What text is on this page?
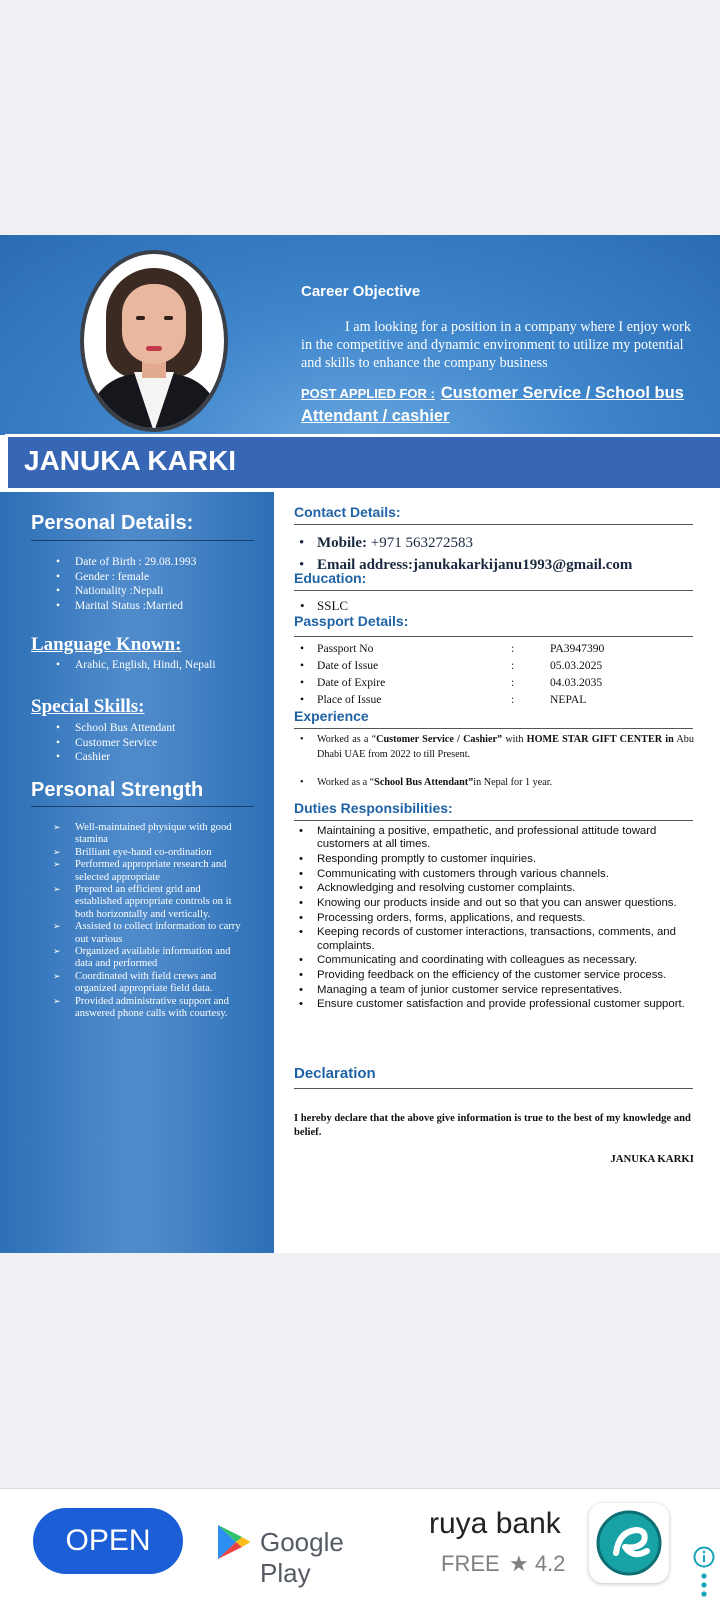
Career Objective
I am looking for a position in a company where I enjoy work in the competitive and dynamic environment to utilize my potential and skills to enhance the company business
POST APPLIED FOR : Customer Service / School bus Attendant / cashier
JANUKA KARKI
Personal Details:
• Date of Birth : 29.08.1993
• Gender : female
• Nationality :Nepali
• Marital Status :Married
Language Known:
• Arabic, English, Hindi, Nepali
Special Skills:
• School Bus Attendant
• Customer Service
• Cashier
Personal Strength
➢ Well-maintained physique with good stamina
➢ Brilliant eye-hand co-ordination
➢ Performed appropriate research and selected appropriate
➢ Prepared an efficient grid and established appropriate controls on it both horizontally and vertically.
➢ Assisted to collect information to carry out various
➢ Organized available information and data and performed
➢ Coordinated with field crews and organized appropriate field data.
➢ Provided administrative support and answered phone calls with courtesy.
Contact Details:
• Mobile: +971 563272583
• Email address:janukakarkijanu1993@gmail.com
Education:
• SSLC
Passport Details:
• Passport No	:	PA3947390
• Date of Issue	:	05.03.2025
• Date of Expire	:	04.03.2035
• Place of Issue	:	NEPAL
Experience
•	Worked as a “Customer Service / Cashier” with HOME STAR GIFT CENTER in Abu Dhabi UAE from 2022 to till Present.
•	Worked as a “School Bus Attendant”in Nepal for 1 year.
Duties Responsibilities:
• Maintaining a positive, empathetic, and professional attitude toward customers at all times.
• Responding promptly to customer inquiries.
• Communicating with customers through various channels.
• Acknowledging and resolving customer complaints.
• Knowing our products inside and out so that you can answer questions.
• Processing orders, forms, applications, and requests.
• Keeping records of customer interactions, transactions, comments, and complaints.
• Communicating and coordinating with colleagues as necessary.
• Providing feedback on the efficiency of the customer service process.
• Managing a team of junior customer service representatives.
• Ensure customer satisfaction and provide professional customer support.
Declaration
I hereby declare that the above give information is true to the best of my knowledge and belief.
JANUKA KARKI
OPEN	Google Play
ruya bank
FREE ★ 4.2
